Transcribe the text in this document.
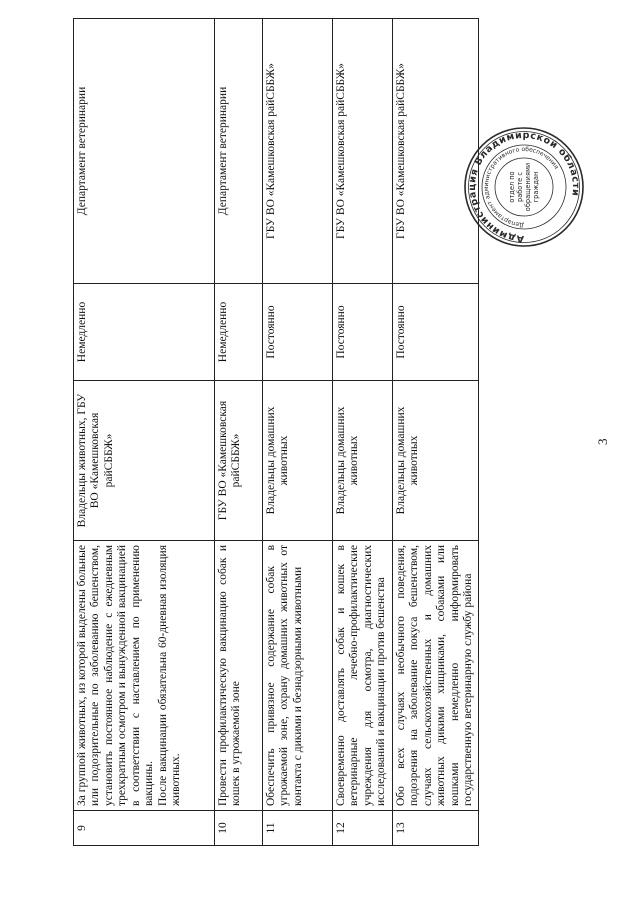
9	За группой животных, из которой выделены больные или подозрительные по заболеванию бешенством, установить постоянное наблюдение с ежедневным трехкратным осмотром и вынужденной вакцинацией в соответствии с наставлением по применению вакцины. После вакцинации обязательна 60-дневная изоляция животных.	Владельцы животных, ГБУ ВО «Камешковская райСББЖ»	Немедленно	Департамент ветеринарии
10	Провести профилактическую вакцинацию собак и кошек в угрожаемой зоне	ГБУ ВО «Камешковская райСББЖ»	Немедленно	Департамент ветеринарии
11	Обеспечить привязное содержание собак в угрожаемой зоне, охрану домашних животных от контакта с дикими и безнадзорными животными	Владельцы домашних животных	Постоянно	ГБУ ВО «Камешковская райСББЖ»
12	Своевременно доставлять собак и кошек в ветеринарные лечебно-профилактические учреждения для осмотра, диагностических исследований и вакцинации против бешенства	Владельцы домашних животных	Постоянно	ГБУ ВО «Камешковская райСББЖ»
13	Обо всех случаях необычного поведения, подозрения на заболевание покуса бешенством, случаях сельскохозяйственных и домашних животных дикими хищниками, собаками или кошками немедленно информировать государственную ветеринарную службу района	Владельцы домашних животных	Постоянно	ГБУ ВО «Камешковская райСББЖ»
3
Администрация Владимирской области
Департамент административного обеспечения
отдел по работе с обращениями граждан
